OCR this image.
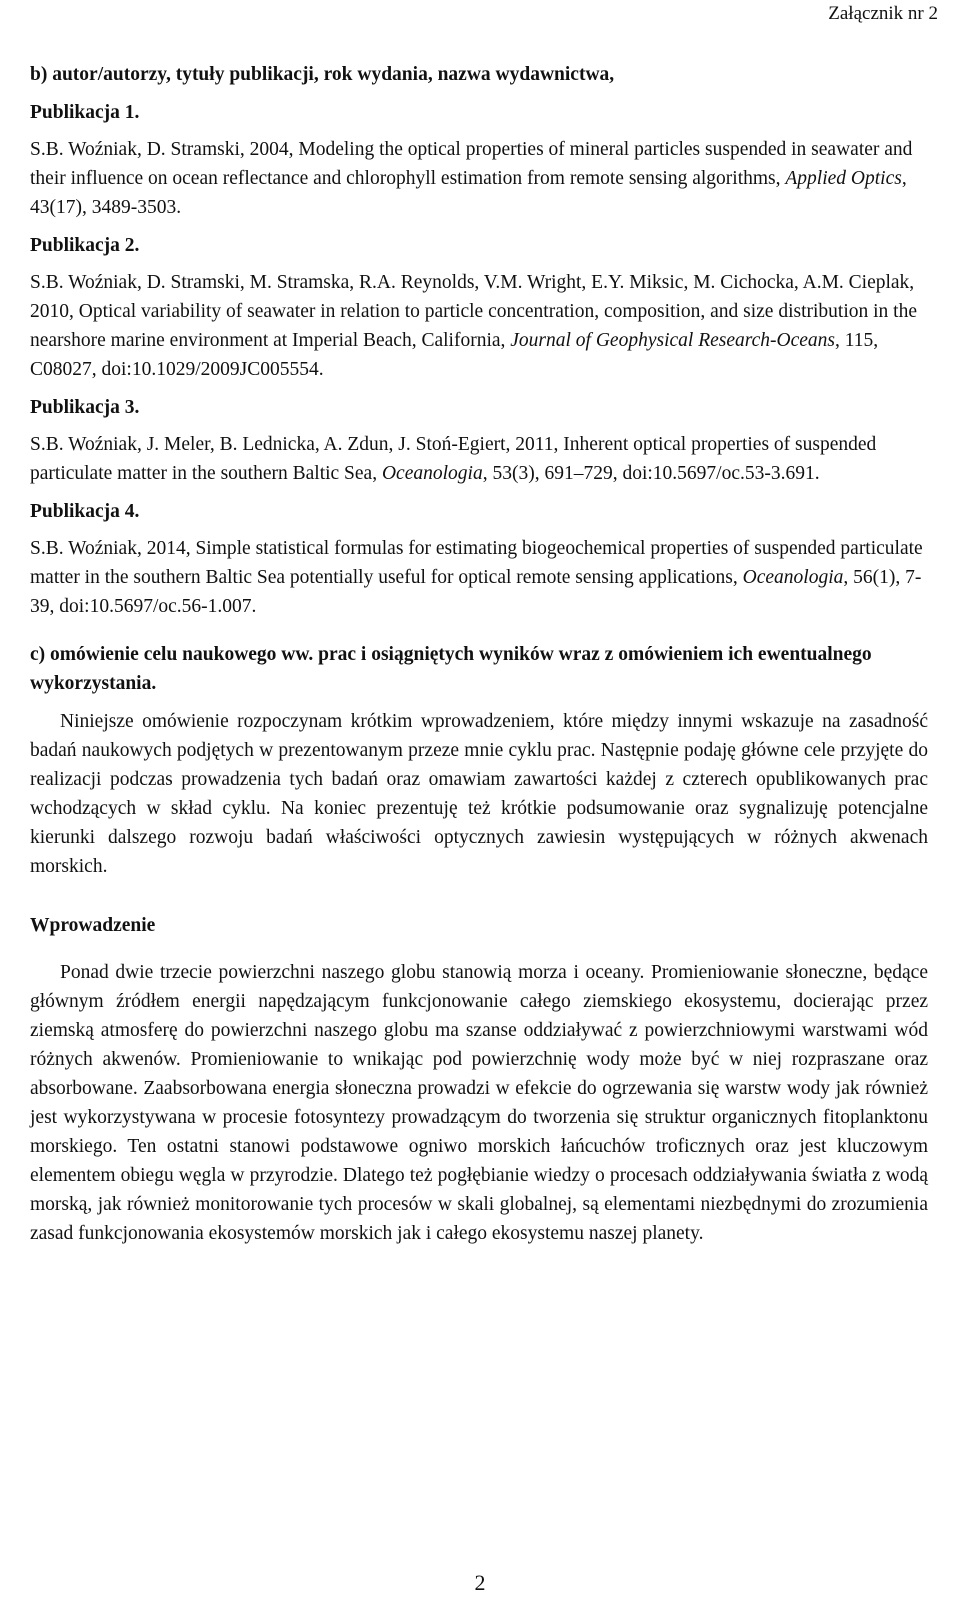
Załącznik nr 2
b) autor/autorzy, tytuły publikacji, rok wydania, nazwa wydawnictwa,
Publikacja 1.
S.B. Woźniak, D. Stramski, 2004, Modeling the optical properties of mineral particles suspended in seawater and their influence on ocean reflectance and chlorophyll estimation from remote sensing algorithms, Applied Optics, 43(17), 3489-3503.
Publikacja 2.
S.B. Woźniak, D. Stramski, M. Stramska, R.A. Reynolds, V.M. Wright, E.Y. Miksic, M. Cichocka, A.M. Cieplak, 2010, Optical variability of seawater in relation to particle concentration, composition, and size distribution in the nearshore marine environment at Imperial Beach, California, Journal of Geophysical Research-Oceans, 115, C08027, doi:10.1029/2009JC005554.
Publikacja 3.
S.B. Woźniak, J. Meler, B. Lednicka, A. Zdun, J. Stoń-Egiert, 2011, Inherent optical properties of suspended particulate matter in the southern Baltic Sea, Oceanologia, 53(3), 691–729, doi:10.5697/oc.53-3.691.
Publikacja 4.
S.B. Woźniak, 2014, Simple statistical formulas for estimating biogeochemical properties of suspended particulate matter in the southern Baltic Sea potentially useful for optical remote sensing applications, Oceanologia, 56(1), 7-39, doi:10.5697/oc.56-1.007.
c) omówienie celu naukowego ww. prac i osiągniętych wyników wraz z omówieniem ich ewentualnego wykorzystania.

Niniejsze omówienie rozpoczynam krótkim wprowadzeniem, które między innymi wskazuje na zasadność badań naukowych podjętych w prezentowanym przeze mnie cyklu prac. Następnie podaję główne cele przyjęte do realizacji podczas prowadzenia tych badań oraz omawiam zawartości każdej z czterech opublikowanych prac wchodzących w skład cyklu. Na koniec prezentuję też krótkie podsumowanie oraz sygnalizuję potencjalne kierunki dalszego rozwoju badań właściwości optycznych zawiesin występujących w różnych akwenach morskich.

Wprowadzenie

Ponad dwie trzecie powierzchni naszego globu stanowią morza i oceany. Promieniowanie słoneczne, będące głównym źródłem energii napędzającym funkcjonowanie całego ziemskiego ekosystemu, docierając przez ziemską atmosferę do powierzchni naszego globu ma szanse oddziaływać z powierzchniowymi warstwami wód różnych akwenów. Promieniowanie to wnikając pod powierzchnię wody może być w niej rozpraszane oraz absorbowane. Zaabsorbowana energia słoneczna prowadzi w efekcie do ogrzewania się warstw wody jak również jest wykorzystywana w procesie fotosyntezy prowadzącym do tworzenia się struktur organicznych fitoplanktonu morskiego. Ten ostatni stanowi podstawowe ogniwo morskich łańcuchów troficznych oraz jest kluczowym elementem obiegu węgla w przyrodzie. Dlatego też pogłębianie wiedzy o procesach oddziaływania światła z wodą morską, jak również monitorowanie tych procesów w skali globalnej, są elementami niezbędnymi do zrozumienia zasad funkcjonowania ekosystemów morskich jak i całego ekosystemu naszej planety.

2
